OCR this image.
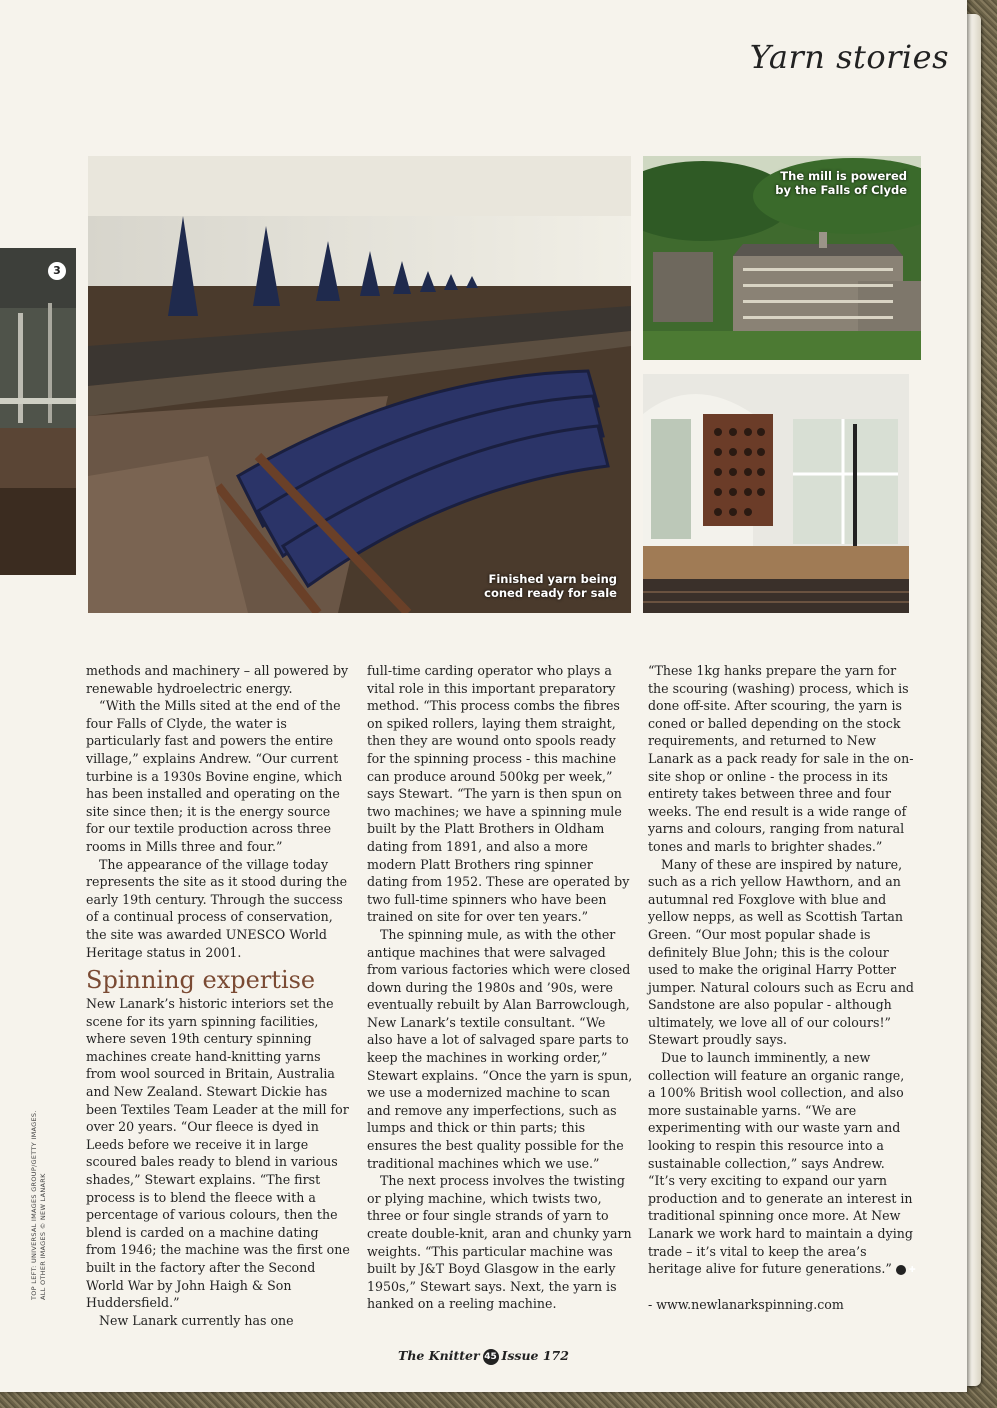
Yarn stories
3
Finished yarn being
coned ready for sale
The mill is powered
by the Falls of Clyde

methods and machinery – all powered by renewable hydroelectric energy.

“With the Mills sited at the end of the four Falls of Clyde, the water is particularly fast and powers the entire village,” explains Andrew. “Our current turbine is a 1930s Bovine engine, which has been installed and operating on the site since then; it is the energy source for our textile production across three rooms in Mills three and four.”

The appearance of the village today represents the site as it stood during the early 19th century. Through the success of a continual process of conservation, the site was awarded UNESCO World Heritage status in 2001.

Spinning expertise

New Lanark’s historic interiors set the scene for its yarn spinning facilities, where seven 19th century spinning machines create hand-knitting yarns from wool sourced in Britain, Australia and New Zealand. Stewart Dickie has been Textiles Team Leader at the mill for over 20 years. “Our fleece is dyed in Leeds before we receive it in large scoured bales ready to blend in various shades,” Stewart explains. “The first process is to blend the fleece with a percentage of various colours, then the blend is carded on a machine dating from 1946; the machine was the first one built in the factory after the Second World War by John Haigh & Son Huddersfield.”

New Lanark currently has one

full-time carding operator who plays a vital role in this important preparatory method. “This process combs the fibres on spiked rollers, laying them straight, then they are wound onto spools ready for the spinning process - this machine can produce around 500kg per week,” says Stewart. “The yarn is then spun on two machines; we have a spinning mule built by the Platt Brothers in Oldham dating from 1891, and also a more modern Platt Brothers ring spinner dating from 1952. These are operated by two full-time spinners who have been trained on site for over ten years.”

The spinning mule, as with the other antique machines that were salvaged from various factories which were closed down during the 1980s and ’90s, were eventually rebuilt by Alan Barrowclough, New Lanark’s textile consultant. “We also have a lot of salvaged spare parts to keep the machines in working order,” Stewart explains. “Once the yarn is spun, we use a modernized machine to scan and remove any imperfections, such as lumps and thick or thin parts; this ensures the best quality possible for the traditional machines which we use.”

The next process involves the twisting or plying machine, which twists two, three or four single strands of yarn to create double-knit, aran and chunky yarn weights. “This particular machine was built by J&T Boyd Glasgow in the early 1950s,” Stewart says. Next, the yarn is hanked on a reeling machine.

“These 1kg hanks prepare the yarn for the scouring (washing) process, which is done off-site. After scouring, the yarn is coned or balled depending on the stock requirements, and returned to New Lanark as a pack ready for sale in the on-site shop or online - the process in its entirety takes between three and four weeks. The end result is a wide range of yarns and colours, ranging from natural tones and marls to brighter shades.”

Many of these are inspired by nature, such as a rich yellow Hawthorn, and an autumnal red Foxglove with blue and yellow nepps, as well as Scottish Tartan Green. “Our most popular shade is definitely Blue John; this is the colour used to make the original Harry Potter jumper. Natural colours such as Ecru and Sandstone are also popular - although ultimately, we love all of our colours!” Stewart proudly says.

Due to launch imminently, a new collection will feature an organic range, a 100% British wool collection, and also more sustainable yarns. “We are experimenting with our waste yarn and looking to respin this resource into a sustainable collection,” says Andrew. “It’s very exciting to expand our yarn production and to generate an interest in traditional spinning once more. At New Lanark we work hard to maintain a dying trade – it’s vital to keep the area’s heritage alive for future generations.” ✚

- www.newlanarkspinning.com

TOP LEFT: UNIVERSAL IMAGES GROUP/GETTY IMAGES. ALL OTHER IMAGES © NEW LANARK
The Knitter 45 Issue 172
